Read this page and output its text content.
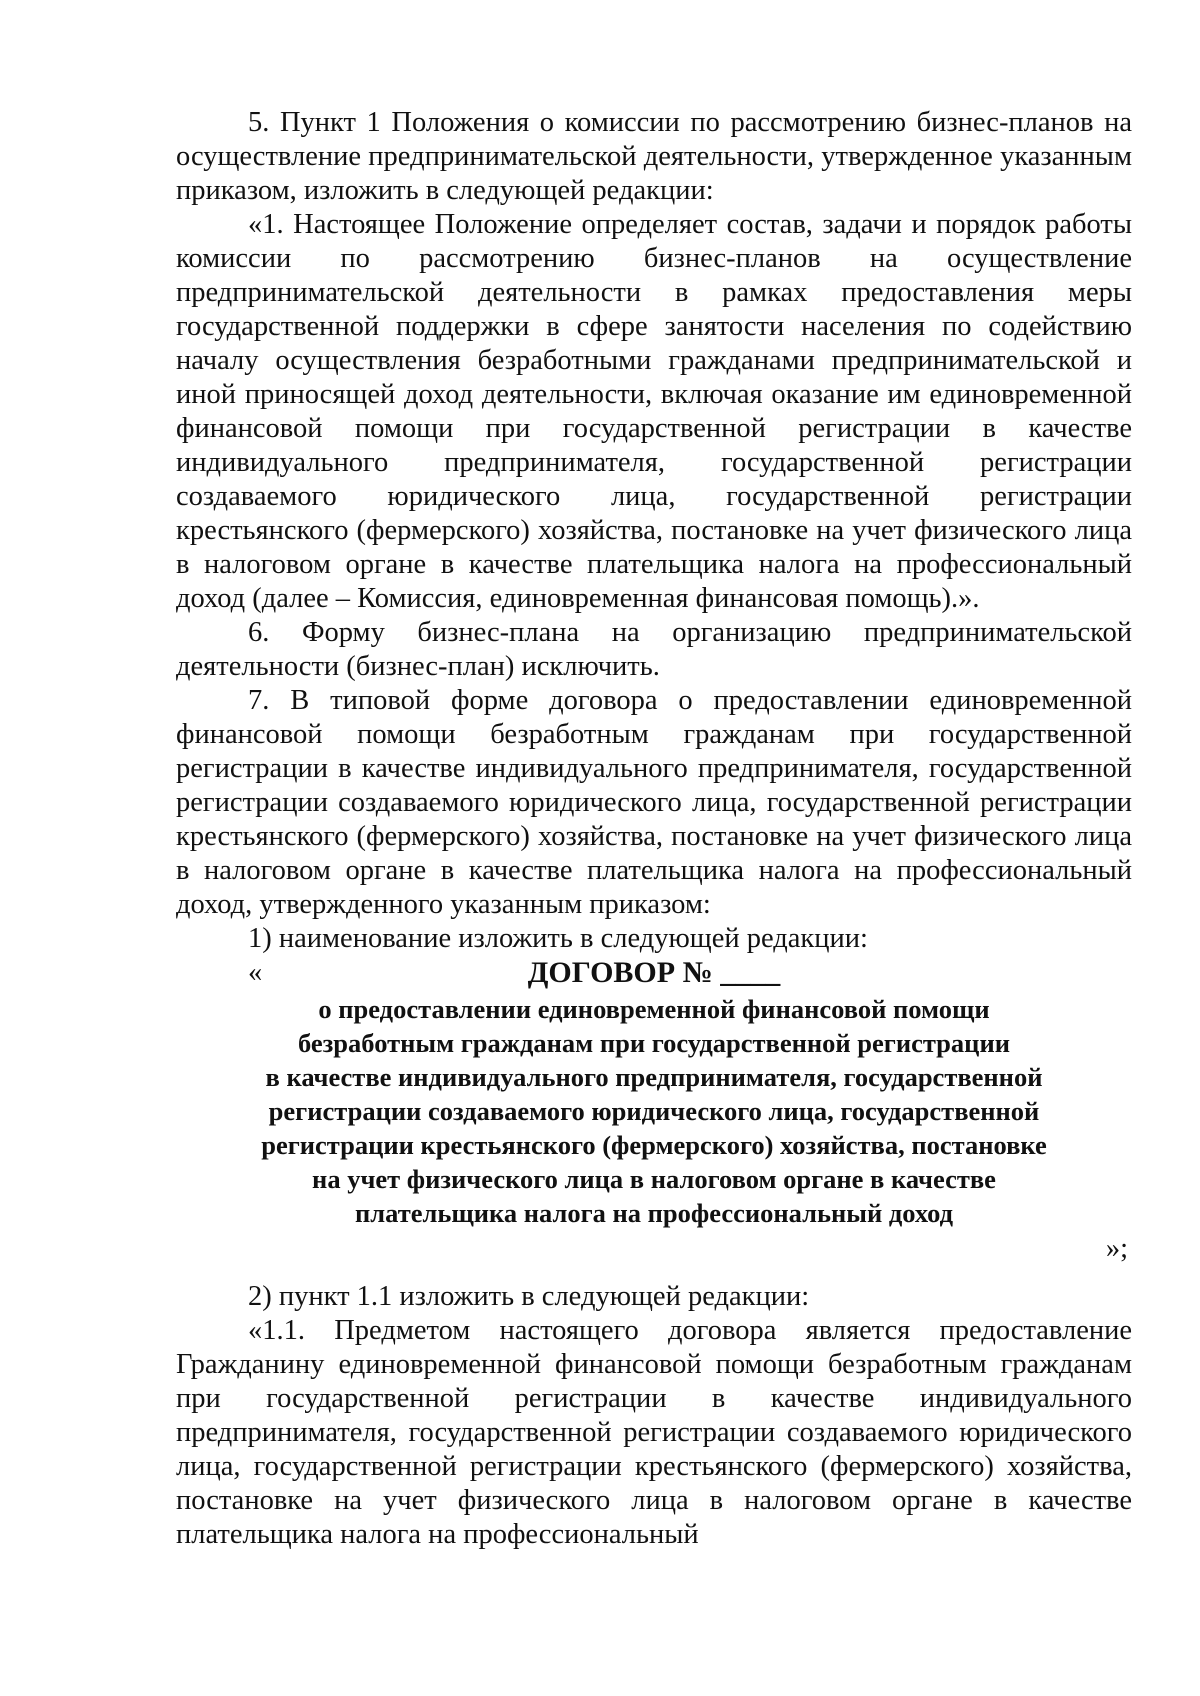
5. Пункт 1 Положения о комиссии по рассмотрению бизнес-планов на осуществление предпринимательской деятельности, утвержденное указанным приказом, изложить в следующей редакции:

«1. Настоящее Положение определяет состав, задачи и порядок работы комиссии по рассмотрению бизнес-планов на осуществление предпринимательской деятельности в рамках предоставления меры государственной поддержки в сфере занятости населения по содействию началу осуществления безработными гражданами предпринимательской и иной приносящей доход деятельности, включая оказание им единовременной финансовой помощи при государственной регистрации в качестве индивидуального предпринимателя, государственной регистрации создаваемого юридического лица, государственной регистрации крестьянского (фермерского) хозяйства, постановке на учет физического лица в налоговом органе в качестве плательщика налога на профессиональный доход (далее – Комиссия, единовременная финансовая помощь).».

6. Форму бизнес-плана на организацию предпринимательской деятельности (бизнес-план) исключить.

7. В типовой форме договора о предоставлении единовременной финансовой помощи безработным гражданам при государственной регистрации в качестве индивидуального предпринимателя, государственной регистрации создаваемого юридического лица, государственной регистрации крестьянского (фермерского) хозяйства, постановке на учет физического лица в налоговом органе в качестве плательщика налога на профессиональный доход, утвержденного указанным приказом:

1) наименование изложить в следующей редакции:

«	ДОГОВОР № ____
о предоставлении единовременной финансовой помощи
безработным гражданам при государственной регистрации
в качестве индивидуального предпринимателя, государственной
регистрации создаваемого юридического лица, государственной
регистрации крестьянского (фермерского) хозяйства, постановке
на учет физического лица в налоговом органе в качестве
плательщика налога на профессиональный доход

»;

2) пункт 1.1 изложить в следующей редакции:

«1.1. Предметом настоящего договора является предоставление Гражданину единовременной финансовой помощи безработным гражданам при государственной регистрации в качестве индивидуального предпринимателя, государственной регистрации создаваемого юридического лица, государственной регистрации крестьянского (фермерского) хозяйства, постановке на учет физического лица в налоговом органе в качестве плательщика налога на профессиональный
